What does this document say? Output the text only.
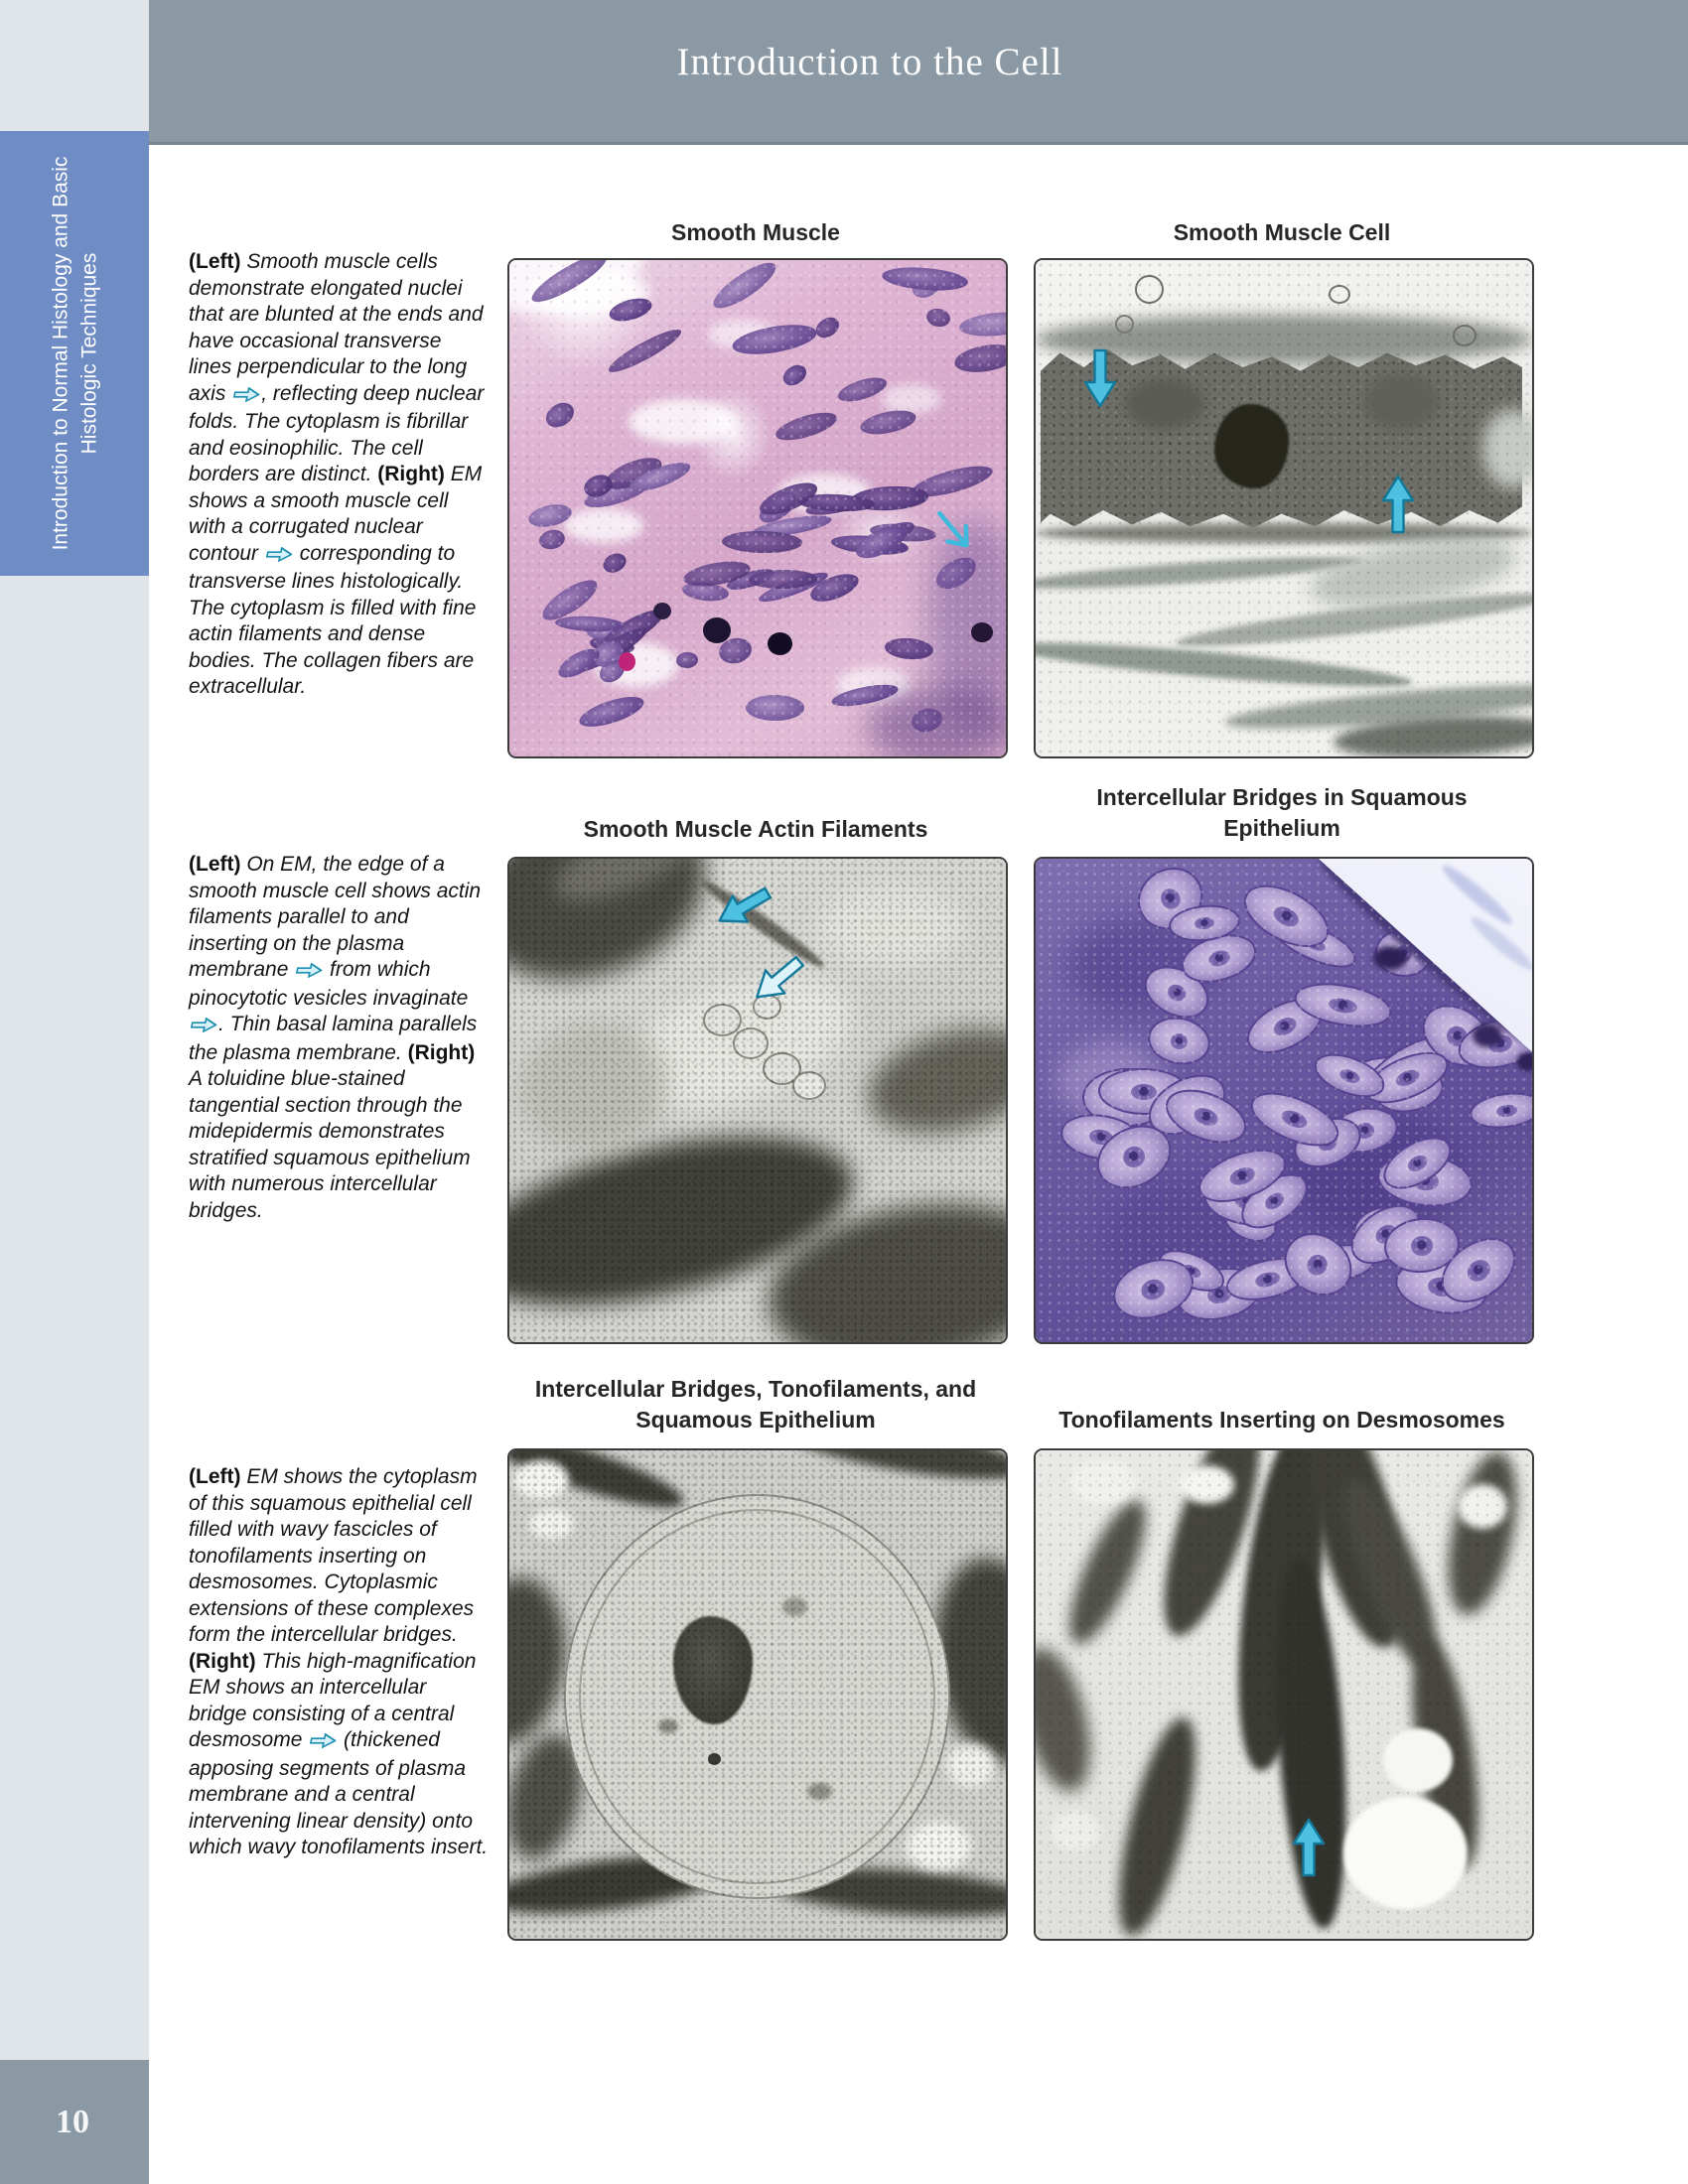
Introduction to the Cell
Introduction to Normal Histology and Basic Histologic Techniques
10
Smooth Muscle	Smooth Muscle Cell
Smooth Muscle Actin Filaments
Intercellular Bridges in Squamous
Epithelium
Intercellular Bridges, Tonofilaments, and
Squamous Epithelium	Tonofilaments Inserting on Desmosomes
(Left) Smooth muscle cells demonstrate elongated nuclei that are blunted at the ends and have occasional transverse lines perpendicular to the long axis , reflecting deep nuclear folds. The cytoplasm is fibrillar and eosinophilic. The cell borders are distinct. (Right) EM shows a smooth muscle cell with a corrugated nuclear contour  corresponding to transverse lines histologically. The cytoplasm is filled with fine actin filaments and dense bodies. The collagen fibers are extracellular.
(Left) On EM, the edge of a smooth muscle cell shows actin filaments parallel to and inserting on the plasma membrane  from which pinocytotic vesicles invaginate . Thin basal lamina parallels the plasma membrane. (Right) A toluidine blue-stained tangential section through the midepidermis demonstrates stratified squamous epithelium with numerous intercellular bridges.
(Left) EM shows the cytoplasm of this squamous epithelial cell filled with wavy fascicles of tonofilaments inserting on desmosomes. Cytoplasmic extensions of these complexes form the intercellular bridges. (Right) This high-magnification EM shows an intercellular bridge consisting of a central desmosome  (thickened apposing segments of plasma membrane and a central intervening linear density) onto which wavy tonofilaments insert.
